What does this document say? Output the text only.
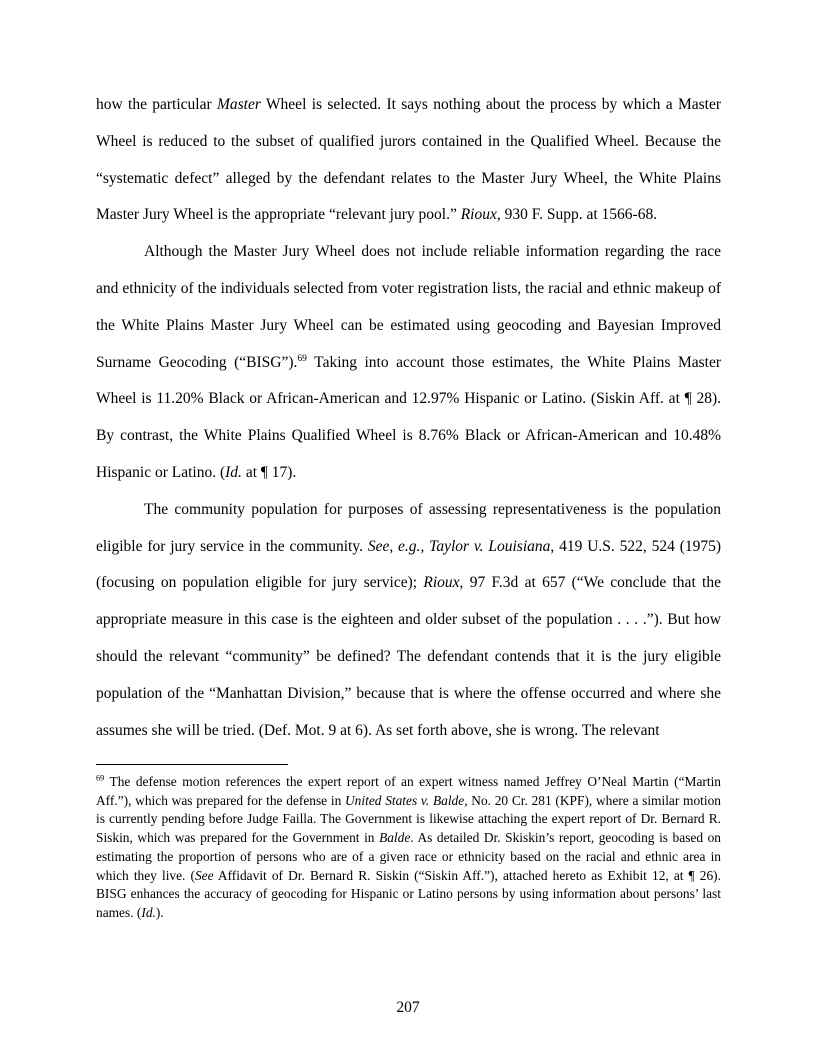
how the particular Master Wheel is selected. It says nothing about the process by which a Master Wheel is reduced to the subset of qualified jurors contained in the Qualified Wheel. Because the “systematic defect” alleged by the defendant relates to the Master Jury Wheel, the White Plains Master Jury Wheel is the appropriate “relevant jury pool.” Rioux, 930 F. Supp. at 1566-68.

Although the Master Jury Wheel does not include reliable information regarding the race and ethnicity of the individuals selected from voter registration lists, the racial and ethnic makeup of the White Plains Master Jury Wheel can be estimated using geocoding and Bayesian Improved Surname Geocoding (“BISG”).$^{69}$ Taking into account those estimates, the White Plains Master Wheel is 11.20% Black or African-American and 12.97% Hispanic or Latino. (Siskin Aff. at ¶ 28). By contrast, the White Plains Qualified Wheel is 8.76% Black or African-American and 10.48% Hispanic or Latino. (Id. at ¶ 17).

The community population for purposes of assessing representativeness is the population eligible for jury service in the community. See, e.g., Taylor v. Louisiana, 419 U.S. 522, 524 (1975) (focusing on population eligible for jury service); Rioux, 97 F.3d at 657 (“We conclude that the appropriate measure in this case is the eighteen and older subset of the population . . . .”). But how should the relevant “community” be defined? The defendant contends that it is the jury eligible population of the “Manhattan Division,” because that is where the offense occurred and where she assumes she will be tried. (Def. Mot. 9 at 6). As set forth above, she is wrong. The relevant

$^{69}$ The defense motion references the expert report of an expert witness named Jeffrey O’Neal Martin (“Martin Aff.”), which was prepared for the defense in United States v. Balde, No. 20 Cr. 281 (KPF), where a similar motion is currently pending before Judge Failla. The Government is likewise attaching the expert report of Dr. Bernard R. Siskin, which was prepared for the Government in Balde. As detailed Dr. Skiskin’s report, geocoding is based on estimating the proportion of persons who are of a given race or ethnicity based on the racial and ethnic area in which they live. (See Affidavit of Dr. Bernard R. Siskin (“Siskin Aff.”), attached hereto as Exhibit 12, at ¶ 26). BISG enhances the accuracy of geocoding for Hispanic or Latino persons by using information about persons’ last names. (Id.).

207
